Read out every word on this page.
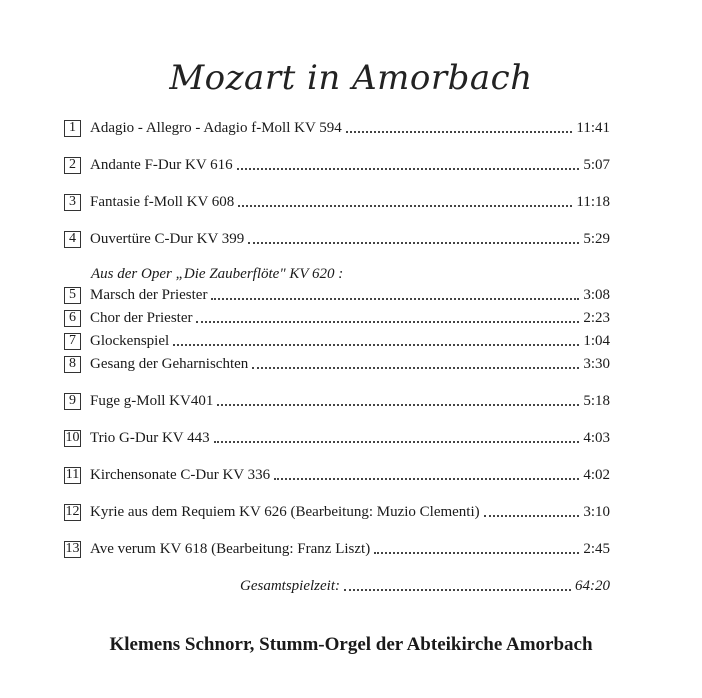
Mozart in Amorbach
1 Adagio - Allegro - Adagio f-Moll KV 594	11:41
2 Andante F-Dur KV 616	5:07
3 Fantasie f-Moll KV 608	11:18
4 Ouvertüre C-Dur KV 399	5:29
Aus der Oper „Die Zauberflöte" KV 620 :
5 Marsch der Priester	3:08
6 Chor der Priester	2:23
7 Glockenspiel	1:04
8 Gesang der Geharnischten	3:30
9 Fuge g-Moll KV401	5:18
10 Trio G-Dur KV 443	4:03
11 Kirchensonate C-Dur KV 336	4:02
12 Kyrie aus dem Requiem KV 626 (Bearbeitung: Muzio Clementi)	3:10
13 Ave verum KV 618 (Bearbeitung: Franz Liszt)	2:45
Gesamtspielzeit:	64:20
Klemens Schnorr, Stumm-Orgel der Abteikirche Amorbach
